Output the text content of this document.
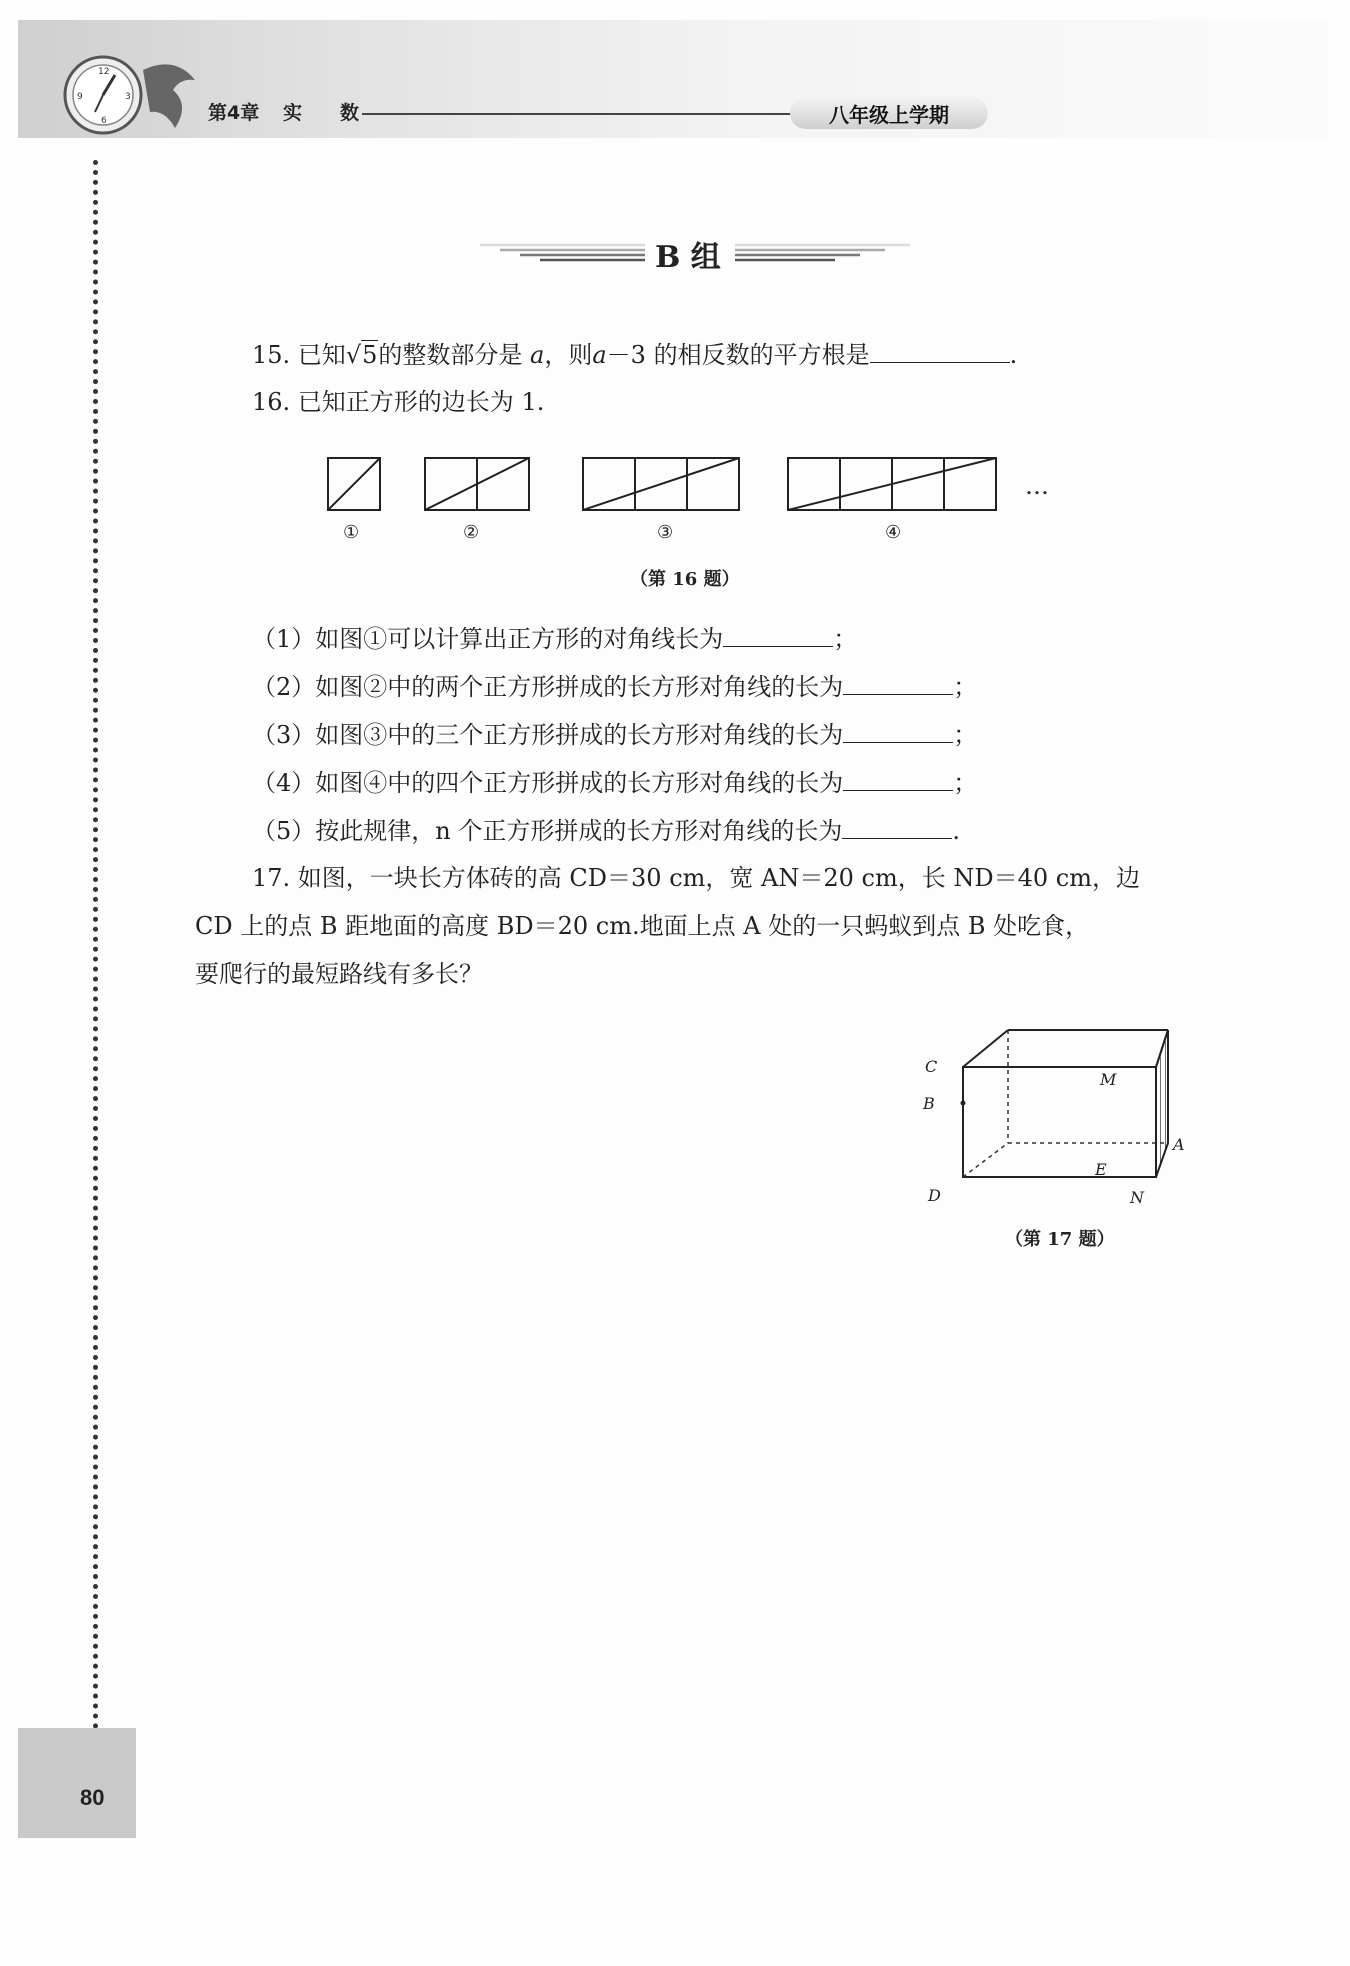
12
3
6
9
第4章 实　　数	八年级上学期
B 组
15. 已知√5的整数部分是 a，则a－3 的相反数的平方根是	.
16. 已知正方形的边长为 1.
①	②	③	④
…
（第 16 题）
（1）如图①可以计算出正方形的对角线长为	；
（2）如图②中的两个正方形拼成的长方形对角线的长为	；
（3）如图③中的三个正方形拼成的长方形对角线的长为	；
（4）如图④中的四个正方形拼成的长方形对角线的长为	；
（5）按此规律，n 个正方形拼成的长方形对角线的长为	.
17. 如图，一块长方体砖的高 CD＝30 cm，宽 AN＝20 cm，长 ND＝40 cm，边
CD 上的点 B 距地面的高度 BD＝20 cm.地面上点 A 处的一只蚂蚁到点 B 处吃食，
要爬行的最短路线有多长？
C
B
D
M
A
E
N
（第 17 题）
80
